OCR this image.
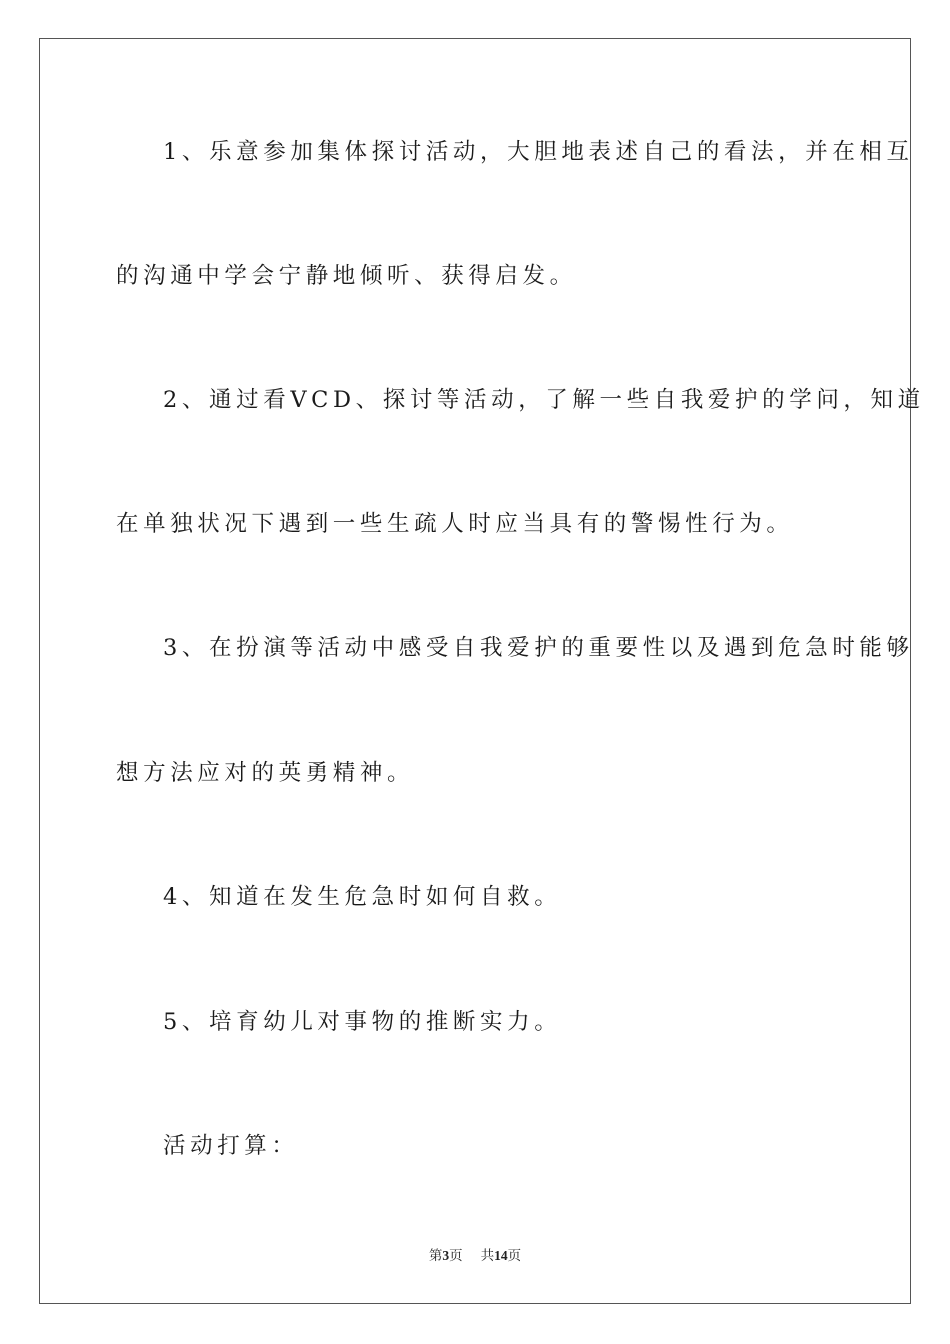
1、乐意参加集体探讨活动，大胆地表述自己的看法，并在相互
的沟通中学会宁静地倾听、获得启发。
2、通过看VCD、探讨等活动，了解一些自我爱护的学问，知道
在单独状况下遇到一些生疏人时应当具有的警惕性行为。
3、在扮演等活动中感受自我爱护的重要性以及遇到危急时能够
想方法应对的英勇精神。
4、知道在发生危急时如何自救。
5、培育幼儿对事物的推断实力。
活动打算：
第3页 共14页
